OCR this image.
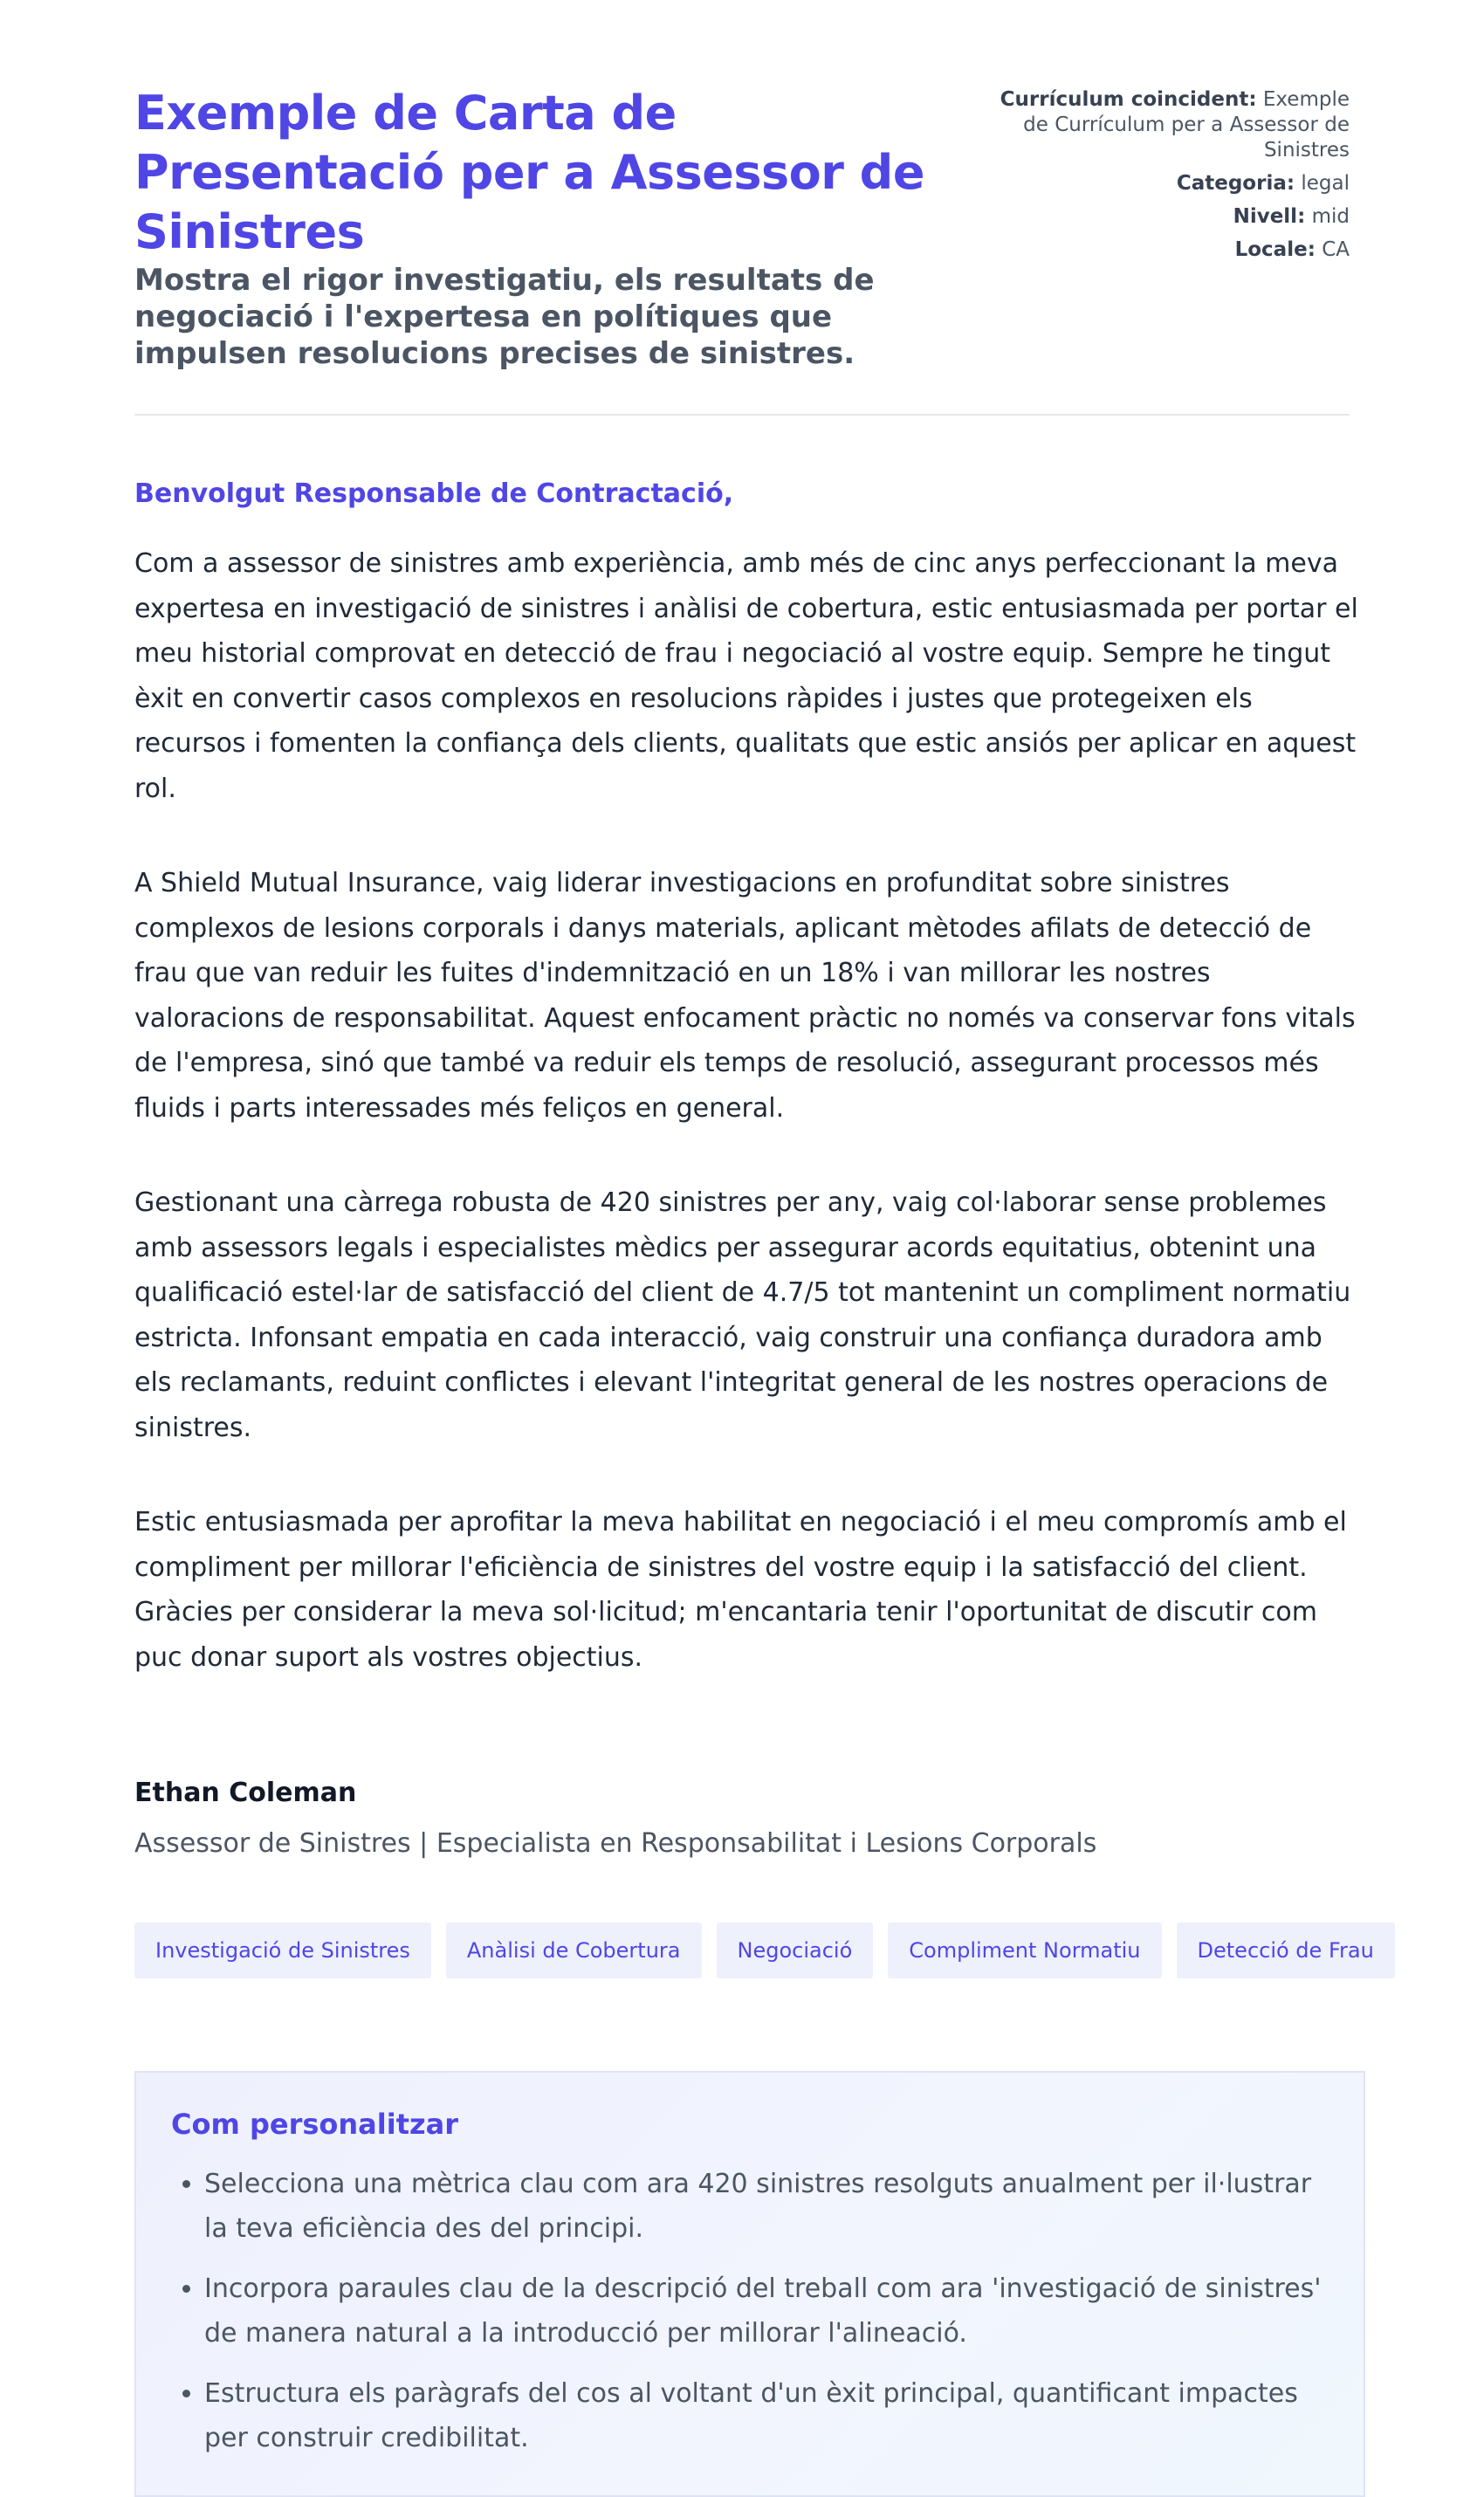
Exemple de Carta de Presentació per a Assessor de Sinistres

Mostra el rigor investigatiu, els resultats de negociació i l'expertesa en polítiques que impulsen resolucions precises de sinistres.

Currículum coincident: Exemple de Currículum per a Assessor de Sinistres
Categoria: legal
Nivell: mid
Locale: CA
Benvolgut Responsable de Contractació,

Com a assessor de sinistres amb experiència, amb més de cinc anys perfeccionant la meva expertesa en investigació de sinistres i anàlisi de cobertura, estic entusiasmada per portar el meu historial comprovat en detecció de frau i negociació al vostre equip. Sempre he tingut èxit en convertir casos complexos en resolucions ràpides i justes que protegeixen els recursos i fomenten la confiança dels clients, qualitats que estic ansiós per aplicar en aquest rol.

A Shield Mutual Insurance, vaig liderar investigacions en profunditat sobre sinistres complexos de lesions corporals i danys materials, aplicant mètodes afilats de detecció de frau que van reduir les fuites d'indemnització en un 18% i van millorar les nostres valoracions de responsabilitat. Aquest enfocament pràctic no només va conservar fons vitals de l'empresa, sinó que també va reduir els temps de resolució, assegurant processos més fluids i parts interessades més feliços en general.

Gestionant una càrrega robusta de 420 sinistres per any, vaig col·laborar sense problemes amb assessors legals i especialistes mèdics per assegurar acords equitatius, obtenint una qualificació estel·lar de satisfacció del client de 4.7/5 tot mantenint un compliment normatiu estricta. Infonsant empatia en cada interacció, vaig construir una confiança duradora amb els reclamants, reduint conflictes i elevant l'integritat general de les nostres operacions de sinistres.

Estic entusiasmada per aprofitar la meva habilitat en negociació i el meu compromís amb el compliment per millorar l'eficiència de sinistres del vostre equip i la satisfacció del client. Gràcies per considerar la meva sol·licitud; m'encantaria tenir l'oportunitat de discutir com puc donar suport als vostres objectius.

Ethan Coleman
Assessor de Sinistres | Especialista en Responsabilitat i Lesions Corporals
Investigació de Sinistres	Anàlisi de Cobertura	Negociació	Compliment Normatiu	Detecció de Frau
Com personalitzar
• Selecciona una mètrica clau com ara 420 sinistres resolguts anualment per il·lustrar la teva eficiència des del principi.
• Incorpora paraules clau de la descripció del treball com ara 'investigació de sinistres' de manera natural a la introducció per millorar l'alineació.
• Estructura els paràgrafs del cos al voltant d'un èxit principal, quantificant impactes per construir credibilitat.
